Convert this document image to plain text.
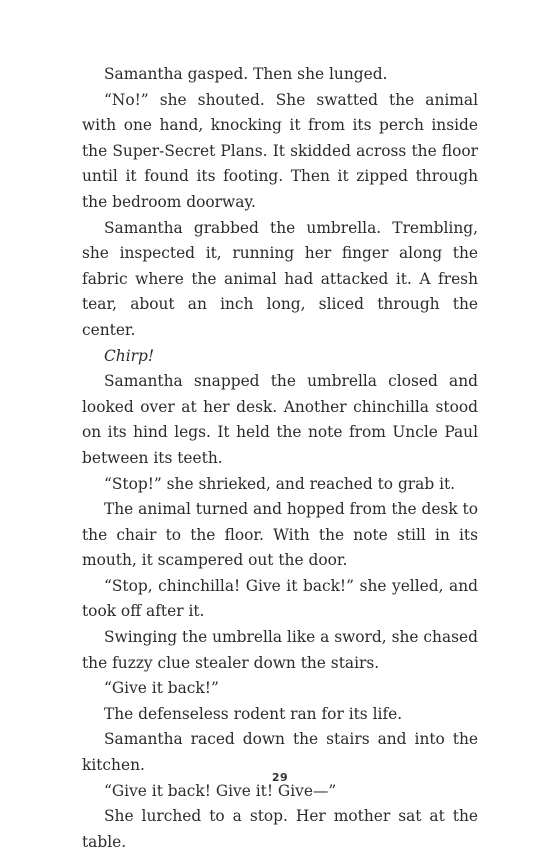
Samantha gasped. Then she lunged.

“No!” she shouted. She swatted the animal with one hand, knocking it from its perch inside the Super-Secret Plans. It skidded across the floor until it found its footing. Then it zipped through the bedroom doorway.

Samantha grabbed the umbrella. Trembling, she inspected it, running her finger along the fabric where the animal had attacked it. A fresh tear, about an inch long, sliced through the center.

Chirp!

Samantha snapped the umbrella closed and looked over at her desk. Another chinchilla stood on its hind legs. It held the note from Uncle Paul between its teeth.

“Stop!” she shrieked, and reached to grab it.

The animal turned and hopped from the desk to the chair to the floor. With the note still in its mouth, it scampered out the door.

“Stop, chinchilla! Give it back!” she yelled, and took off after it.

Swinging the umbrella like a sword, she chased the fuzzy clue stealer down the stairs.

“Give it back!”

The defenseless rodent ran for its life.

Samantha raced down the stairs and into the kitchen.

“Give it back! Give it! Give—”

She lurched to a stop. Her mother sat at the table.

29
